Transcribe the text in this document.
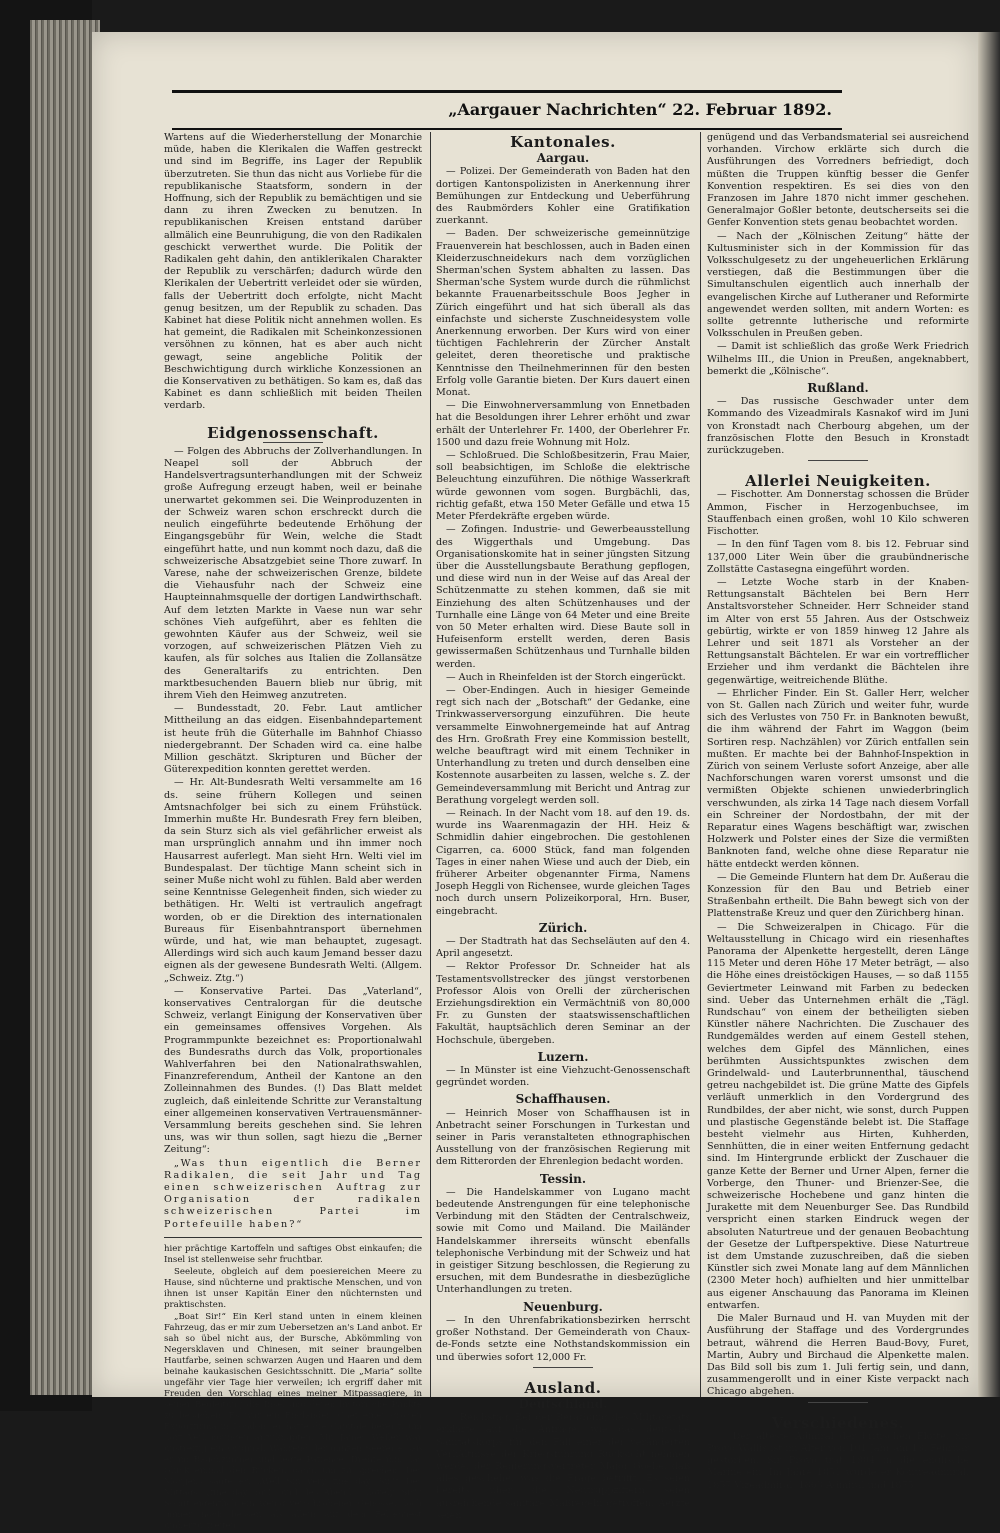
„Aargauer Nachrichten“ 22. Februar 1892.

Wartens auf die Wiederherstellung der Monarchie müde, haben die Klerikalen die Waffen gestreckt und sind im Begriffe, ins Lager der Republik überzutreten. Sie thun das nicht aus Vorliebe für die republikanische Staatsform, sondern in der Hoffnung, sich der Republik zu bemächtigen und sie dann zu ihren Zwecken zu benutzen. In republikanischen Kreisen entstand darüber allmälich eine Beunruhigung, die von den Radikalen geschickt verwerthet wurde. Die Politik der Radikalen geht dahin, den antiklerikalen Charakter der Republik zu verschärfen; dadurch würde den Klerikalen der Uebertritt verleidet oder sie würden, falls der Uebertritt doch erfolgte, nicht Macht genug besitzen, um der Republik zu schaden. Das Kabinet hat diese Politik nicht annehmen wollen. Es hat gemeint, die Radikalen mit Scheinkonzessionen versöhnen zu können, hat es aber auch nicht gewagt, seine angebliche Politik der Beschwichtigung durch wirkliche Konzessionen an die Konservativen zu bethätigen. So kam es, daß das Kabinet es dann schließlich mit beiden Theilen verdarb.

Eidgenossenschaft.

— Folgen des Abbruchs der Zollverhandlungen. In Neapel soll der Abbruch der Handelsvertragsunterhandlungen mit der Schweiz große Aufregung erzeugt haben, weil er beinahe unerwartet gekommen sei. Die Weinproduzenten in der Schweiz waren schon erschreckt durch die neulich eingeführte bedeutende Erhöhung der Eingangsgebühr für Wein, welche die Stadt eingeführt hatte, und nun kommt noch dazu, daß die schweizerische Absatzgebiet seine Thore zuwarf. In Varese, nahe der schweizerischen Grenze, bildete die Viehausfuhr nach der Schweiz eine Haupteinnahmsquelle der dortigen Landwirthschaft. Auf dem letzten Markte in Vaese nun war sehr schönes Vieh aufgeführt, aber es fehlten die gewohnten Käufer aus der Schweiz, weil sie vorzogen, auf schweizerischen Plätzen Vieh zu kaufen, als für solches aus Italien die Zollansätze des Generaltarifs zu entrichten. Den marktbesuchenden Bauern blieb nur übrig, mit ihrem Vieh den Heimweg anzutreten.

— Bundesstadt, 20. Febr. Laut amtlicher Mittheilung an das eidgen. Eisenbahndepartement ist heute früh die Güterhalle im Bahnhof Chiasso niedergebrannt. Der Schaden wird ca. eine halbe Million geschätzt. Skripturen und Bücher der Güterexpedition konnten gerettet werden.

— Hr. Alt-Bundesrath Welti versammelte am 16 ds. seine frühern Kollegen und seinen Amtsnachfolger bei sich zu einem Frühstück. Immerhin mußte Hr. Bundesrath Frey fern bleiben, da sein Sturz sich als viel gefährlicher erweist als man ursprünglich annahm und ihn immer noch Hausarrest auferlegt. Man sieht Hrn. Welti viel im Bundespalast. Der tüchtige Mann scheint sich in seiner Muße nicht wohl zu fühlen. Bald aber werden seine Kenntnisse Gelegenheit finden, sich wieder zu bethätigen. Hr. Welti ist vertraulich angefragt worden, ob er die Direktion des internationalen Bureaus für Eisenbahntransport übernehmen würde, und hat, wie man behauptet, zugesagt. Allerdings wird sich auch kaum Jemand besser dazu eignen als der gewesene Bundesrath Welti. (Allgem. „Schweiz. Ztg.“)

— Konservative Partei. Das „Vaterland“, konservatives Centralorgan für die deutsche Schweiz, verlangt Einigung der Konservativen über ein gemeinsames offensives Vorgehen. Als Programmpunkte bezeichnet es: Proportionalwahl des Bundesraths durch das Volk, proportionales Wahlverfahren bei den Nationalrathswahlen, Finanzreferendum, Antheil der Kantone an den Zolleinnahmen des Bundes. (!) Das Blatt meldet zugleich, daß einleitende Schritte zur Veranstaltung einer allgemeinen konservativen Vertrauensmänner-Versammlung bereits geschehen sind. Sie lehren uns, was wir thun sollen, sagt hiezu die „Berner Zeitung“:

„Was thun eigentlich die Berner Radikalen, die seit Jahr und Tag einen schweizerischen Auftrag zur Organisation der radikalen schweizerischen Partei im Portefeuille haben?“

hier prächtige Kartoffeln und saftiges Obst einkaufen; die Insel ist stellenweise sehr fruchtbar.

Seeleute, obgleich auf dem poesiereichen Meere zu Hause, sind nüchterne und praktische Menschen, und von ihnen ist unser Kapitän Einer den nüchternsten und praktischsten.

„Boat Sir!“ Ein Kerl stand unten in einem kleinen Fahrzeug, das er mir zum Uebersetzen an's Land anbot. Er sah so übel nicht aus, der Bursche, Abkömmling von Negersklaven und Chinesen, mit seiner braungelben Hautfarbe, seinen schwarzen Augen und Haaren und dem beinahe kaukasischen Gesichtsschnitt. Die „Maria“ sollte ungefähr vier Tage hier verweilen; ich ergriff daher mit Freuden den Vorschlag eines meiner Mitpassagiere, in seiner Begleitung die Insel und deren historische Punkte zu besuchen. Es war ein Engländer, Chef einer großen Exportfirma in London, er hatte die Capitale bereist, um dort Verbindungen anzuknüpfen. Mr. James Weller war unstreitig ein Original. Während der ganzen Seereise saß er im Rauchzimmer und legte Patience. Drehte ihm das Glück einmal den Rücken, dann, um zu sprechen. Des Morgens sagte er: „Well Sir, very fine day, Sir!“ Des Mittags: „fine day, Sir!“ und des Abends: „lovely, Sir!“ Somit eigentlich ein wenig verschrobener Genosse, doch immer noch besser, als allein auf dem Felsennest umherzustreifen.

Kantonales.
Aargau.

— Polizei. Der Gemeinderath von Baden hat den dortigen Kantonspolizisten in Anerkennung ihrer Bemühungen zur Entdeckung und Ueberführung des Raubmörders Kohler eine Gratifikation zuerkannt.

— Baden. Der schweizerische gemeinnützige Frauenverein hat beschlossen, auch in Baden einen Kleiderzuschneidekurs nach dem vorzüglichen Sherman'schen System abhalten zu lassen. Das Sherman'sche System wurde durch die rühmlichst bekannte Frauenarbeitsschule Boos Jegher in Zürich eingeführt und hat sich überall als das einfachste und sicherste Zuschneidesystem volle Anerkennung erworben. Der Kurs wird von einer tüchtigen Fachlehrerin der Zürcher Anstalt geleitet, deren theoretische und praktische Kenntnisse den Theilnehmerinnen für den besten Erfolg volle Garantie bieten. Der Kurs dauert einen Monat.

— Die Einwohnerversammlung von Ennetbaden hat die Besoldungen ihrer Lehrer erhöht und zwar erhält der Unterlehrer Fr. 1400, der Oberlehrer Fr. 1500 und dazu freie Wohnung mit Holz.

— Schloßrued. Die Schloßbesitzerin, Frau Maier, soll beabsichtigen, im Schloße die elektrische Beleuchtung einzuführen. Die nöthige Wasserkraft würde gewonnen vom sogen. Burgbächli, das, richtig gefaßt, etwa 150 Meter Gefälle und etwa 15 Meter Pferdekräfte ergeben würde.

— Zofingen. Industrie- und Gewerbeausstellung des Wiggerthals und Umgebung. Das Organisationskomite hat in seiner jüngsten Sitzung über die Ausstellungsbaute Berathung gepflogen, und diese wird nun in der Weise auf das Areal der Schützenmatte zu stehen kommen, daß sie mit Einziehung des alten Schützenhauses und der Turnhalle eine Länge von 64 Meter und eine Breite von 50 Meter erhalten wird. Diese Baute soll in Hufeisenform erstellt werden, deren Basis gewissermaßen Schützenhaus und Turnhalle bilden werden.

— Auch in Rheinfelden ist der Storch eingerückt.

— Ober-Endingen. Auch in hiesiger Gemeinde regt sich nach der „Botschaft“ der Gedanke, eine Trinkwasserversorgung einzuführen. Die heute versammelte Einwohnergemeinde hat auf Antrag des Hrn. Großrath Frey eine Kommission bestellt, welche beauftragt wird mit einem Techniker in Unterhandlung zu treten und durch denselben eine Kostennote ausarbeiten zu lassen, welche s. Z. der Gemeindeversammlung mit Bericht und Antrag zur Berathung vorgelegt werden soll.

— Reinach. In der Nacht vom 18. auf den 19. ds. wurde ins Waarenmagazin der HH. Heiz & Schmidlin dahier eingebrochen. Die gestohlenen Cigarren, ca. 6000 Stück, fand man folgenden Tages in einer nahen Wiese und auch der Dieb, ein früherer Arbeiter obgenannter Firma, Namens Joseph Heggli von Richensee, wurde gleichen Tages noch durch unsern Polizeikorporal, Hrn. Buser, eingebracht.

Zürich.

— Der Stadtrath hat das Sechseläuten auf den 4. April angesetzt.

— Rektor Professor Dr. Schneider hat als Testamentsvollstrecker des jüngst verstorbenen Professor Alois von Orelli der zürcherischen Erziehungsdirektion ein Vermächtniß von 80,000 Fr. zu Gunsten der staatswissenschaftlichen Fakultät, hauptsächlich deren Seminar an der Hochschule, übergeben.

Luzern.

— In Münster ist eine Viehzucht-Genossenschaft gegründet worden.

Schaffhausen.

— Heinrich Moser von Schaffhausen ist in Anbetracht seiner Forschungen in Turkestan und seiner in Paris veranstalteten ethnographischen Ausstellung von der französischen Regierung mit dem Ritterorden der Ehrenlegion bedacht worden.

Tessin.

— Die Handelskammer von Lugano macht bedeutende Anstrengungen für eine telephonische Verbindung mit den Städten der Centralschweiz, sowie mit Como und Mailand. Die Mailänder Handelskammer ihrerseits wünscht ebenfalls telephonische Verbindung mit der Schweiz und hat in geistiger Sitzung beschlossen, die Regierung zu ersuchen, mit dem Bundesrathe in diesbezügliche Unterhandlungen zu treten.

Neuenburg.

— In den Uhrenfabrikationsbezirken herrscht großer Nothstand. Der Gemeinderath von Chaux-de-Fonds setzte eine Nothstandskommission ein und überwies sofort 12,000 Fr.

Ausland.
Deutschland.

— Reichstag. Bei der Berathung des Militäretats erklärte auf die Anfrage, wie das deutsche Sanitätskorps für den Fall einer der veränderten Verhältnisse der Kriegsführung Rücksicht nehmen werde, der Regierungsvertreter Major Goebe, daß alles geschehe, was die Frage betrifft. Es seien bereits über die Neutruppziffern seien ausreichende sanitäre Maßregeln getroffen. Aerzte seien

genügend und das Verbandsmaterial sei ausreichend vorhanden. Virchow erklärte sich durch die Ausführungen des Vorredners befriedigt, doch müßten die Truppen künftig besser die Genfer Konvention respektiren. Es sei dies von den Franzosen im Jahre 1870 nicht immer geschehen. Generalmajor Goßler betonte, deutscherseits sei die Genfer Konvention stets genau beobachtet worden.

— Nach der „Kölnischen Zeitung“ hätte der Kultusminister sich in der Kommission für das Volksschulgesetz zu der ungeheuerlichen Erklärung verstiegen, daß die Bestimmungen über die Simultanschulen eigentlich auch innerhalb der evangelischen Kirche auf Lutheraner und Reformirte angewendet werden sollten, mit andern Worten: es sollte getrennte lutherische und reformirte Volksschulen in Preußen geben.

— Damit ist schließlich das große Werk Friedrich Wilhelms III., die Union in Preußen, angeknabbert, bemerkt die „Kölnische“.

Rußland.

— Das russische Geschwader unter dem Kommando des Vizeadmirals Kasnakof wird im Juni von Kronstadt nach Cherbourg abgehen, um der französischen Flotte den Besuch in Kronstadt zurückzugeben.

Allerlei Neuigkeiten.

— Fischotter. Am Donnerstag schossen die Brüder Ammon, Fischer in Herzogenbuchsee, im Stauffenbach einen großen, wohl 10 Kilo schweren Fischotter.

— In den fünf Tagen vom 8. bis 12. Februar sind 137,000 Liter Wein über die graubündnerische Zollstätte Castasegna eingeführt worden.

— Letzte Woche starb in der Knaben-Rettungsanstalt Bächtelen bei Bern Herr Anstaltsvorsteher Schneider. Herr Schneider stand im Alter von erst 55 Jahren. Aus der Ostschweiz gebürtig, wirkte er von 1859 hinweg 12 Jahre als Lehrer und seit 1871 als Vorsteher an der Rettungsanstalt Bächtelen. Er war ein vortrefflicher Erzieher und ihm verdankt die Bächtelen ihre gegenwärtige, weitreichende Blüthe.

— Ehrlicher Finder. Ein St. Galler Herr, welcher von St. Gallen nach Zürich und weiter fuhr, wurde sich des Verlustes von 750 Fr. in Banknoten bewußt, die ihm während der Fahrt im Waggon (beim Sortiren resp. Nachzählen) vor Zürich entfallen sein mußten. Er machte bei der Bahnhof-Inspektion in Zürich von seinem Verluste sofort Anzeige, aber alle Nachforschungen waren vorerst umsonst und die vermißten Objekte schienen unwiederbringlich verschwunden, als zirka 14 Tage nach diesem Vorfall ein Schreiner der Nordostbahn, der mit der Reparatur eines Wagens beschäftigt war, zwischen Holzwerk und Polster eines der Size die vermißten Banknoten fand, welche ohne diese Reparatur nie hätte entdeckt werden können.

— Die Gemeinde Fluntern hat dem Dr. Außerau die Konzession für den Bau und Betrieb einer Straßenbahn ertheilt. Die Bahn bewegt sich von der Plattenstraße Kreuz und quer den Zürichberg hinan.

— Die Schweizeralpen in Chicago. Für die Weltausstellung in Chicago wird ein riesenhaftes Panorama der Alpenkette hergestellt, deren Länge 115 Meter und deren Höhe 17 Meter beträgt, — also die Höhe eines dreistöckigen Hauses, — so daß 1155 Geviertmeter Leinwand mit Farben zu bedecken sind. Ueber das Unternehmen erhält die „Tägl. Rundschau“ von einem der betheiligten sieben Künstler nähere Nachrichten. Die Zuschauer des Rundgemäldes werden auf einem Gestell stehen, welches dem Gipfel des Männlichen, eines berühmten Aussichtspunktes zwischen dem Grindelwald- und Lauterbrunnenthal, täuschend getreu nachgebildet ist. Die grüne Matte des Gipfels verläuft unmerklich in den Vordergrund des Rundbildes, der aber nicht, wie sonst, durch Puppen und plastische Gegenstände belebt ist. Die Staffage besteht vielmehr aus Hirten, Kuhherden, Sennhütten, die in einer weiten Entfernung gedacht sind. Im Hintergrunde erblickt der Zuschauer die ganze Kette der Berner und Urner Alpen, ferner die Vorberge, den Thuner- und Brienzer-See, die schweizerische Hochebene und ganz hinten die Jurakette mit dem Neuenburger See. Das Rundbild verspricht einen starken Eindruck wegen der absoluten Naturtreue und der genauen Beobachtung der Gesetze der Luftperspektive. Diese Naturtreue ist dem Umstande zuzuschreiben, daß die sieben Künstler sich zwei Monate lang auf dem Männlichen (2300 Meter hoch) aufhielten und hier unmittelbar aus eigener Anschauung das Panorama im Kleinen entwarfen.

Die Maler Burnaud und H. van Muyden mit der Ausführung der Staffage und des Vordergrundes betraut, während die Herren Baud-Bovy, Furet, Martin, Aubry und Birchaud die Alpenkette malen. Das Bild soll bis zum 1. Juli fertig sein, und dann, zusammengerollt und in einer Kiste verpackt nach Chicago abgehen.

Verschiedenes.

— Der älteste Admiral der britischen Flotte, Sir Provo Wallis ist im Alter von 101 Jahr am 13. Februar gestorben. Sir Provo trat 1804 in die englische Marine ein. Im Jahre 1851 wurde er Kontreadmiral, 1857 Vizeadmiral, 1863 Admiral und 1875
